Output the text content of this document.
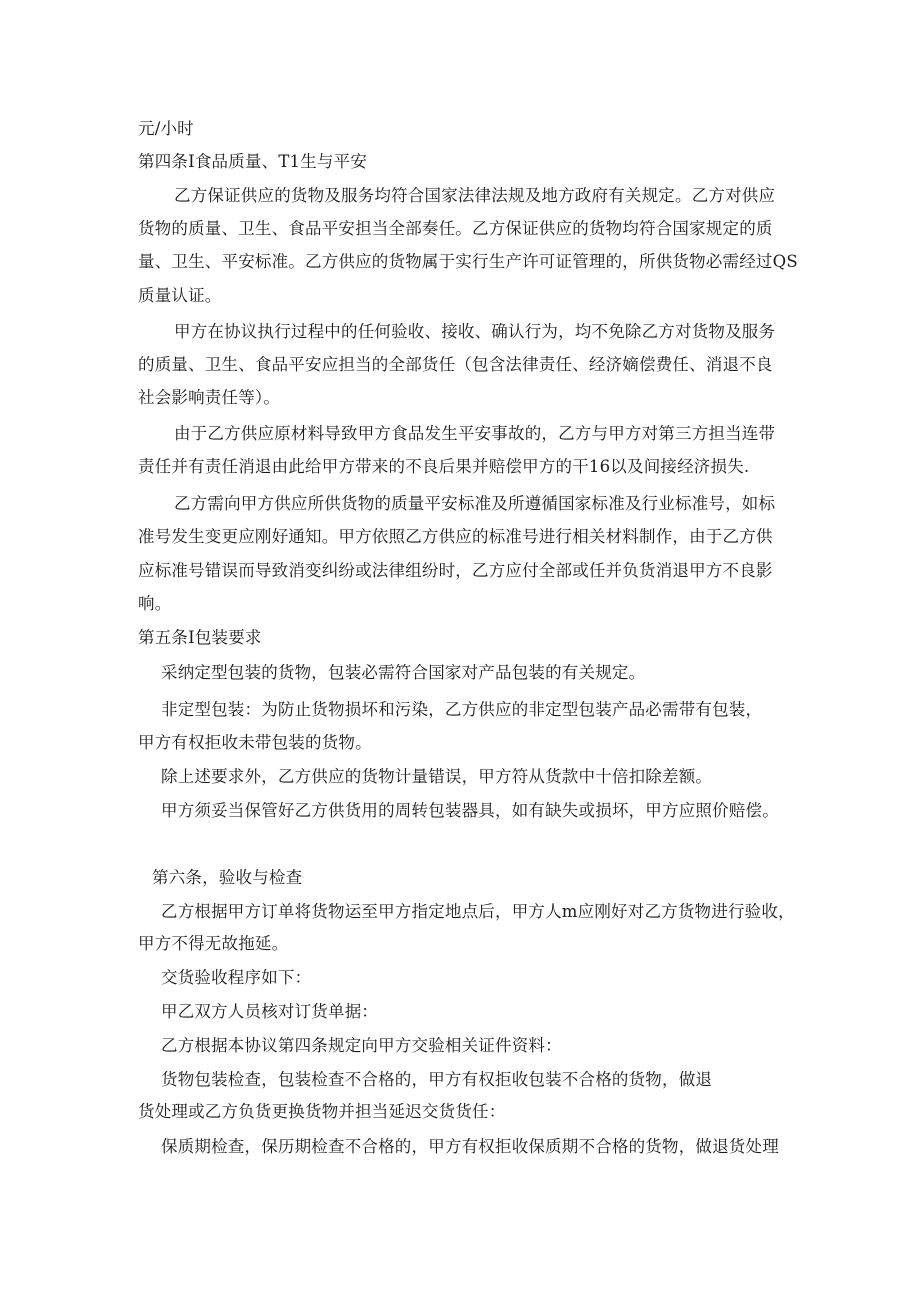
元/小时
第四条I食品质量、T1生与平安
乙方保证供应的货物及服务均符合国家法律法规及地方政府有关规定。乙方对供应
货物的质量、卫生、食品平安担当全部奏任。乙方保证供应的货物均符合国家规定的质
量、卫生、平安标准。乙方供应的货物属于实行生产许可证管理的，所供货物必需经过QS
质量认证。
甲方在协议执行过程中的任何验收、接收、确认行为，均不免除乙方对货物及服务
的质量、卫生、食品平安应担当的全部货任（包含法律责任、经济嫡偿费任、消退不良
社会影响责任等）。
由于乙方供应原材料导致甲方食品发生平安事故的，乙方与甲方对第三方担当连带
责任并有责任消退由此给甲方带来的不良后果并赔偿甲方的干16以及间接经济损失.
乙方需向甲方供应所供货物的质量平安标准及所遵循国家标准及行业标准号，如标
准号发生变更应刚好通知。甲方依照乙方供应的标准号进行相关材料制作，由于乙方供
应标准号错误而导致消变纠纷或法律组纷时，乙方应付全部或任并负货消退甲方不良影
响。
第五条I包装要求
采纳定型包装的货物，包装必需符合国家对产品包装的有关规定。
非定型包装：为防止货物损坏和污染，乙方供应的非定型包装产品必需带有包装，
甲方有权拒收未带包装的货物。
除上述要求外，乙方供应的货物计量错误，甲方符从货款中十倍扣除差额。
甲方须妥当保管好乙方供货用的周转包装器具，如有缺失或损坏，甲方应照价赔偿。
第六条，验收与检查
乙方根据甲方订单将货物运至甲方指定地点后，甲方人m应刚好对乙方货物进行验收，
甲方不得无故拖延。
交货验收程序如下：
甲乙双方人员核对订货单据：
乙方根据本协议第四条规定向甲方交验相关证件资料：
货物包装检查，包装检查不合格的，甲方有权拒收包装不合格的货物，做退
货处理或乙方负货更换货物并担当延迟交货货任：
保质期检查，保历期检查不合格的，甲方有权拒收保质期不合格的货物，做退货处理
